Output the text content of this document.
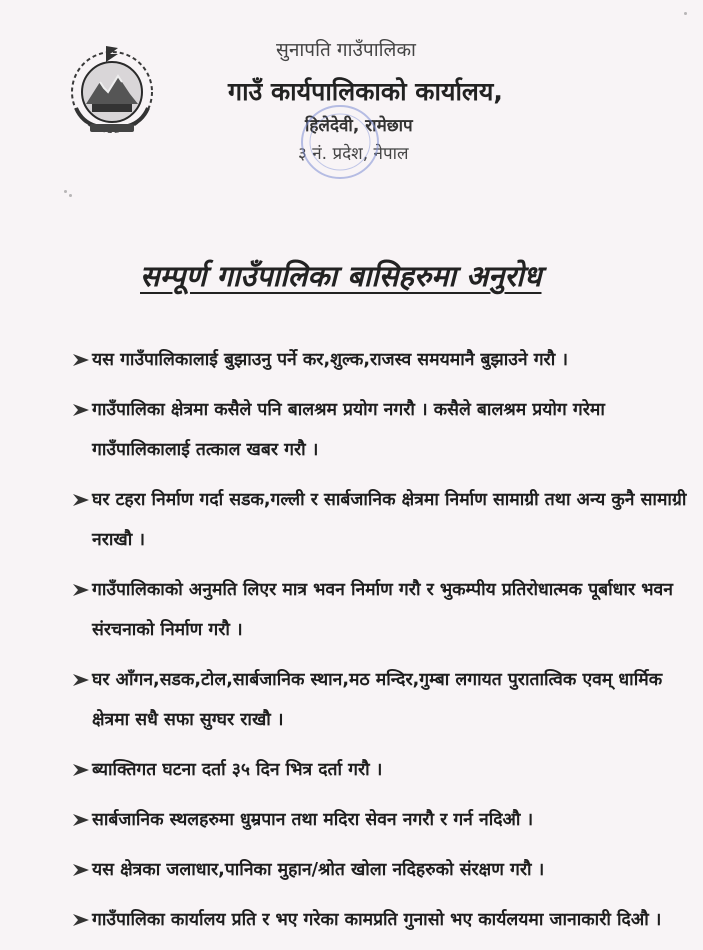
सुनापति गाउँपालिका
गाउँ कार्यपालिकाको कार्यालय,
हिलेदेवी, रामेछाप
३ नं. प्रदेश, नेपाल
सम्पूर्ण गाउँपालिका बासिहरुमा अनुरोध
यस गाउँपालिकालाई बुझाउनु पर्ने कर,शुल्क,राजस्व समयमानै बुझाउने गरौ ।
गाउँपालिका क्षेत्रमा कसैले पनि बालश्रम प्रयोग नगरौ । कसैले बालश्रम प्रयोग गरेमा गाउँपालिकालाई तत्काल खबर गरौ ।
घर टहरा निर्माण गर्दा सडक,गल्ली र सार्बजानिक क्षेत्रमा निर्माण सामाग्री तथा अन्य कुनै सामाग्री नराखौ ।
गाउँपालिकाको अनुमति लिएर मात्र भवन निर्माण गरौ र भुकम्पीय प्रतिरोधात्मक पूर्बाधार भवन संरचनाको निर्माण गरौ ।
घर आँगन,सडक,टोल,सार्बजानिक स्थान,मठ मन्दिर,गुम्बा लगायत पुरातात्विक एवम् धार्मिक क्षेत्रमा सधै सफा सुग्घर राखौ ।
ब्याक्तिगत घटना दर्ता ३५ दिन भित्र दर्ता गरौ ।
सार्बजानिक स्थलहरुमा धुम्रपान तथा मदिरा सेवन नगरौ र गर्न नदिऔ ।
यस क्षेत्रका जलाधार,पानिका मुहान/श्रोत खोला नदिहरुको संरक्षण गरौ ।
गाउँपालिका कार्यालय प्रति र भए गरेका कामप्रति गुनासो भए कार्यलयमा जानाकारी दिऔ ।
